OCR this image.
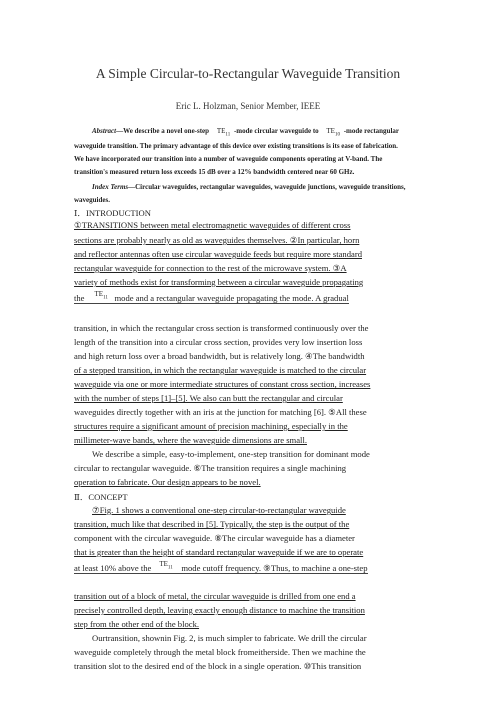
A Simple Circular-to-Rectangular Waveguide Transition
Eric L. Holzman, Senior Member, IEEE
Abstract—We describe a novel one-step $TE_{11}$ -mode circular waveguide to $TE_{10}$ -mode rectangular
waveguide transition. The primary advantage of this device over existing transitions is its ease of fabrication.
We have incorporated our transition into a number of waveguide components operating at V-band. The
transition's measured return loss exceeds 15 dB over a 12% bandwidth centered near 60 GHz.
Index Terms—Circular waveguides, rectangular waveguides, waveguide junctions, waveguide transitions,
waveguides.
Ⅰ．INTRODUCTION
①TRANSITIONS between metal electromagnetic waveguides of different cross
sections are probably nearly as old as waveguides themselves. ②In particular, horn
and reflector antennas often use circular waveguide feeds but require more standard
rectangular waveguide for connection to the rest of the microwave system. ③A
variety of methods exist for transforming between a circular waveguide propagating
the $TE_{11}$ mode and a rectangular waveguide propagating the mode. A gradual
transition, in which the rectangular cross section is transformed continuously over the
length of the transition into a circular cross section, provides very low insertion loss
and high return loss over a broad bandwidth, but is relatively long. ④The bandwidth
of a stepped transition, in which the rectangular waveguide is matched to the circular
waveguide via one or more intermediate structures of constant cross section, increases
with the number of steps [1]–[5]. We also can butt the rectangular and circular
waveguides directly together with an iris at the junction for matching [6]. ⑤All these
structures require a significant amount of precision machining, especially in the
millimeter-wave bands, where the waveguide dimensions are small.
We describe a simple, easy-to-implement, one-step transition for dominant mode
circular to rectangular waveguide. ⑥The transition requires a single machining
operation to fabricate. Our design appears to be novel.
Ⅱ．CONCEPT
⑦Fig. 1 shows a conventional one-step circular-to-rectangular waveguide
transition, much like that described in [5]. Typically, the step is the output of the
component with the circular waveguide. ⑧The circular waveguide has a diameter
that is greater than the height of standard rectangular waveguide if we are to operate
at least 10% above the $TE_{11}$ mode cutoff frequency. ⑨Thus, to machine a one-step
transition out of a block of metal, the circular waveguide is drilled from one end a
precisely controlled depth, leaving exactly enough distance to machine the transition
step from the other end of the block.
Ourtransition, shownin Fig. 2, is much simpler to fabricate. We drill the circular
waveguide completely through the metal block fromeitherside. Then we machine the
transition slot to the desired end of the block in a single operation. ⑩This transition
